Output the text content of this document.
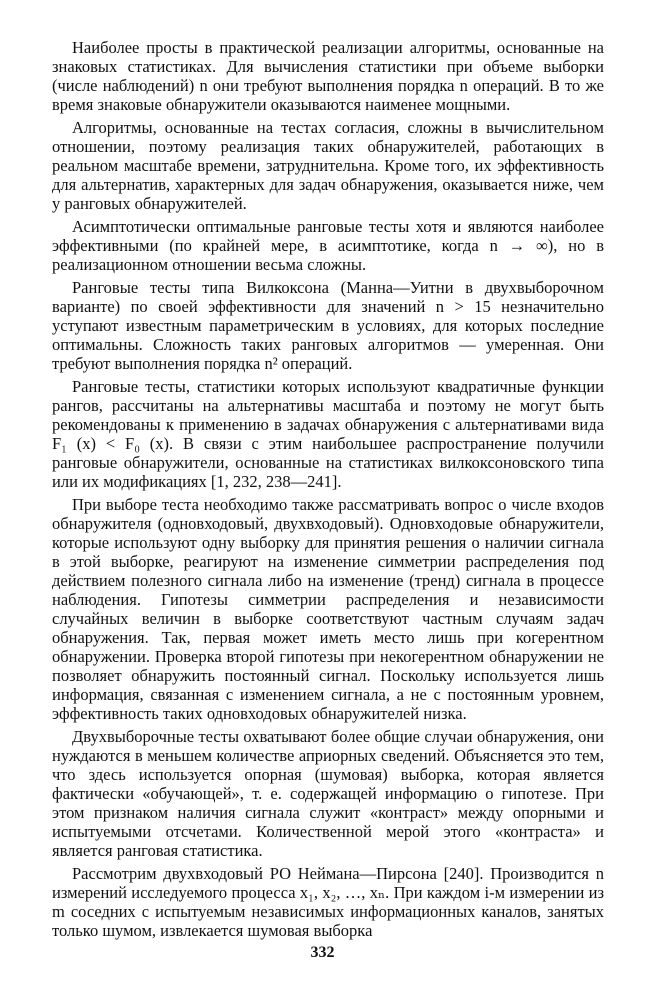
Наиболее просты в практической реализации алгоритмы, основанные на знаковых статистиках. Для вычисления статистики при объеме выборки (числе наблюдений) n они требуют выполнения порядка n операций. В то же время знаковые обнаружители оказываются наименее мощными.

Алгоритмы, основанные на тестах согласия, сложны в вычислительном отношении, поэтому реализация таких обнаружителей, работающих в реальном масштабе времени, затруднительна. Кроме того, их эффективность для альтернатив, характерных для задач обнаружения, оказывается ниже, чем у ранговых обнаружителей.

Асимптотически оптимальные ранговые тесты хотя и являются наиболее эффективными (по крайней мере, в асимптотике, когда n → ∞), но в реализационном отношении весьма сложны.

Ранговые тесты типа Вилкоксона (Манна—Уитни в двухвыборочном варианте) по своей эффективности для значений n > 15 незначительно уступают известным параметрическим в условиях, для которых последние оптимальны. Сложность таких ранговых алгоритмов — умеренная. Они требуют выполнения порядка n² операций.

Ранговые тесты, статистики которых используют квадратичные функции рангов, рассчитаны на альтернативы масштаба и поэтому не могут быть рекомендованы к применению в задачах обнаружения с альтернативами вида F₁ (x) < F₀ (x). В связи с этим наибольшее распространение получили ранговые обнаружители, основанные на статистиках вилкоксоновского типа или их модификациях [1, 232, 238—241].

При выборе теста необходимо также рассматривать вопрос о числе входов обнаружителя (одновходовый, двухвходовый). Одновходовые обнаружители, которые используют одну выборку для принятия решения о наличии сигнала в этой выборке, реагируют на изменение симметрии распределения под действием полезного сигнала либо на изменение (тренд) сигнала в процессе наблюдения. Гипотезы симметрии распределения и независимости случайных величин в выборке соответствуют частным случаям задач обнаружения. Так, первая может иметь место лишь при когерентном обнаружении. Проверка второй гипотезы при некогерентном обнаружении не позволяет обнаружить постоянный сигнал. Поскольку используется лишь информация, связанная с изменением сигнала, а не с постоянным уровнем, эффективность таких одновходовых обнаружителей низка.

Двухвыборочные тесты охватывают более общие случаи обнаружения, они нуждаются в меньшем количестве априорных сведений. Объясняется это тем, что здесь используется опорная (шумовая) выборка, которая является фактически «обучающей», т. е. содержащей информацию о гипотезе. При этом признаком наличия сигнала служит «контраст» между опорными и испытуемыми отсчетами. Количественной мерой этого «контраста» и является ранговая статистика.

Рассмотрим двухвходовый РО Неймана—Пирсона [240]. Производится n измерений исследуемого процесса x₁, x₂, …, xₙ. При каждом i-м измерении из m соседних с испытуемым независимых информационных каналов, занятых только шумом, извлекается шумовая выборка

332
